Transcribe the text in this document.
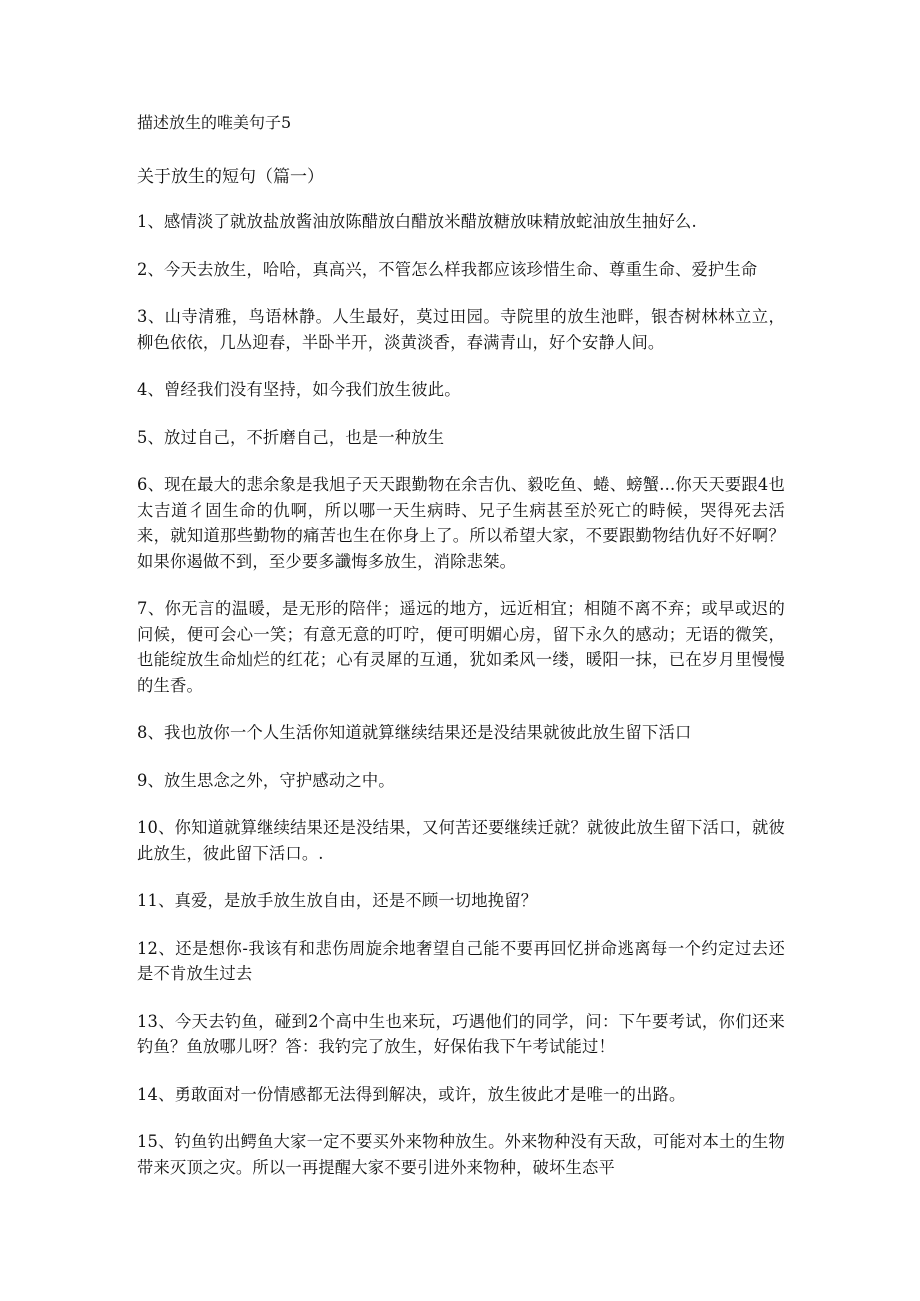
描述放生的唯美句子5
关于放生的短句（篇一）
1、感情淡了就放盐放酱油放陈醋放白醋放米醋放糖放味精放蛇油放生抽好么.
2、今天去放生，哈哈，真高兴，不管怎么样我都应该珍惜生命、尊重生命、爱护生命
3、山寺清雅，鸟语林静。人生最好，莫过田园。寺院里的放生池畔，银杏树林林立立，柳色依依，几丛迎春，半卧半开，淡黄淡香，春满青山，好个安静人间。
4、曾经我们没有坚持，如今我们放生彼此。
5、放过自己，不折磨自己，也是一种放生
6、现在最大的悲余象是我旭子天天跟勤物在余吉仇、毅吃鱼、蜷、螃蟹...你天天要跟4也太吉道彳固生命的仇啊，所以哪一天生病時、兄子生病甚至於死亡的畤候，哭得死去活来，就知道那些勤物的痛苦也生在你身上了。所以希望大家，不要跟勤物结仇好不好啊？如果你遏做不到，至少要多讖悔多放生，消除悲桀。
7、你无言的温暖，是无形的陪伴；遥远的地方，远近相宜；相随不离不弃；或早或迟的问候，便可会心一笑；有意无意的叮咛，便可明媚心房，留下永久的感动；无语的微笑，也能绽放生命灿烂的红花；心有灵犀的互通，犹如柔风一缕，暖阳一抹，已在岁月里慢慢的生香。
8、我也放你一个人生活你知道就算继续结果还是没结果就彼此放生留下活口
9、放生思念之外，守护感动之中。
10、你知道就算继续结果还是没结果，又何苦还要继续迁就？就彼此放生留下活口，就彼此放生，彼此留下活口。.
11、真爱，是放手放生放自由，还是不顾一切地挽留？
12、还是想你-我该有和悲伤周旋余地奢望自己能不要再回忆拼命逃离每一个约定过去还是不肯放生过去
13、今天去钓鱼，碰到2个高中生也来玩，巧遇他们的同学，问：下午要考试，你们还来钓鱼？鱼放哪儿呀？答：我钓完了放生，好保佑我下午考试能过！
14、勇敢面对一份情感都无法得到解决，或许，放生彼此才是唯一的出路。
15、钓鱼钓出鳄鱼大家一定不要买外来物种放生。外来物种没有天敌，可能对本土的生物带来灭顶之灾。所以一再提醒大家不要引进外来物种，破坏生态平
